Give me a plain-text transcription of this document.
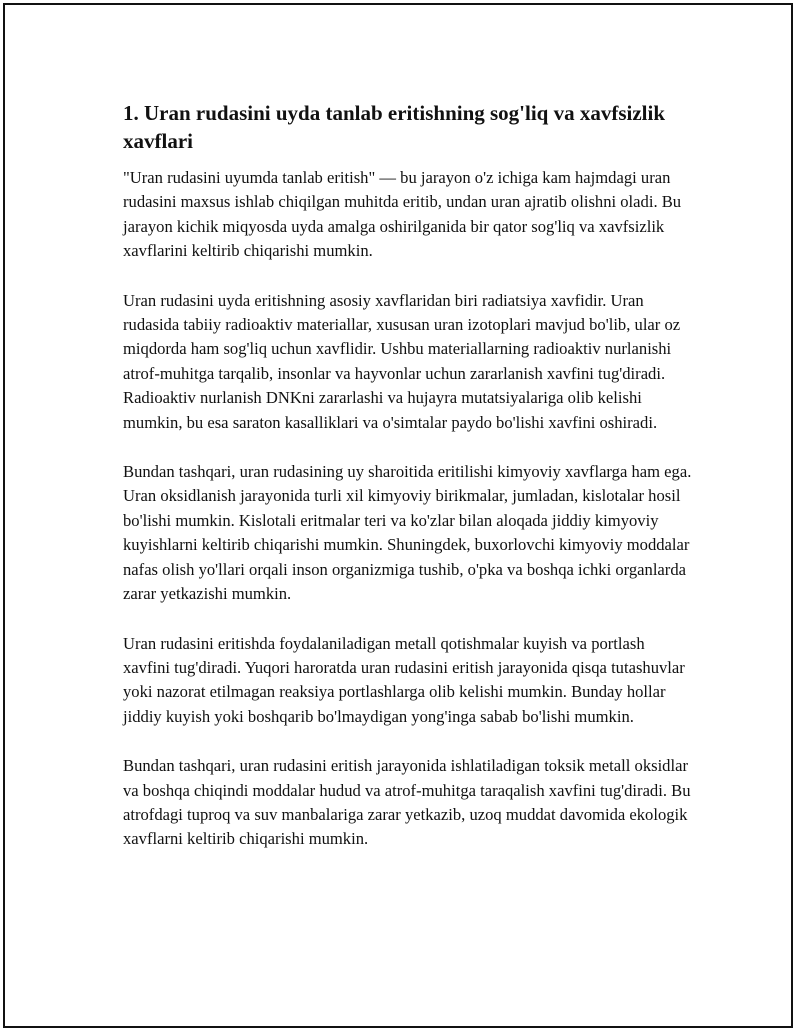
1. Uran rudasini uyda tanlab eritishning sog'liq va xavfsizlik xavflari

"Uran rudasini uyumda tanlab eritish" — bu jarayon o'z ichiga kam hajmdagi uran rudasini maxsus ishlab chiqilgan muhitda eritib, undan uran ajratib olishni oladi. Bu jarayon kichik miqyosda uyda amalga oshirilganida bir qator sog'liq va xavfsizlik xavflarini keltirib chiqarishi mumkin.

Uran rudasini uyda eritishning asosiy xavflaridan biri radiatsiya xavfidir. Uran rudasida tabiiy radioaktiv materiallar, xususan uran izotoplari mavjud bo'lib, ular oz miqdorda ham sog'liq uchun xavflidir. Ushbu materiallarning radioaktiv nurlanishi atrof-muhitga tarqalib, insonlar va hayvonlar uchun zararlanish xavfini tug'diradi. Radioaktiv nurlanish DNKni zararlashi va hujayra mutatsiyalariga olib kelishi mumkin, bu esa saraton kasalliklari va o'simtalar paydo bo'lishi xavfini oshiradi.

Bundan tashqari, uran rudasining uy sharoitida eritilishi kimyoviy xavflarga ham ega. Uran oksidlanish jarayonida turli xil kimyoviy birikmalar, jumladan, kislotalar hosil bo'lishi mumkin. Kislotali eritmalar teri va ko'zlar bilan aloqada jiddiy kimyoviy kuyishlarni keltirib chiqarishi mumkin. Shuningdek, buxorlovchi kimyoviy moddalar nafas olish yo'llari orqali inson organizmiga tushib, o'pka va boshqa ichki organlarda zarar yetkazishi mumkin.

Uran rudasini eritishda foydalaniladigan metall qotishmalar kuyish va portlash xavfini tug'diradi. Yuqori haroratda uran rudasini eritish jarayonida qisqa tutashuvlar yoki nazorat etilmagan reaksiya portlashlarga olib kelishi mumkin. Bunday hollar jiddiy kuyish yoki boshqarib bo'lmaydigan yong'inga sabab bo'lishi mumkin.

Bundan tashqari, uran rudasini eritish jarayonida ishlatiladigan toksik metall oksidlar va boshqa chiqindi moddalar hudud va atrof-muhitga taraqalish xavfini tug'diradi. Bu atrofdagi tuproq va suv manbalariga zarar yetkazib, uzoq muddat davomida ekologik xavflarni keltirib chiqarishi mumkin.
